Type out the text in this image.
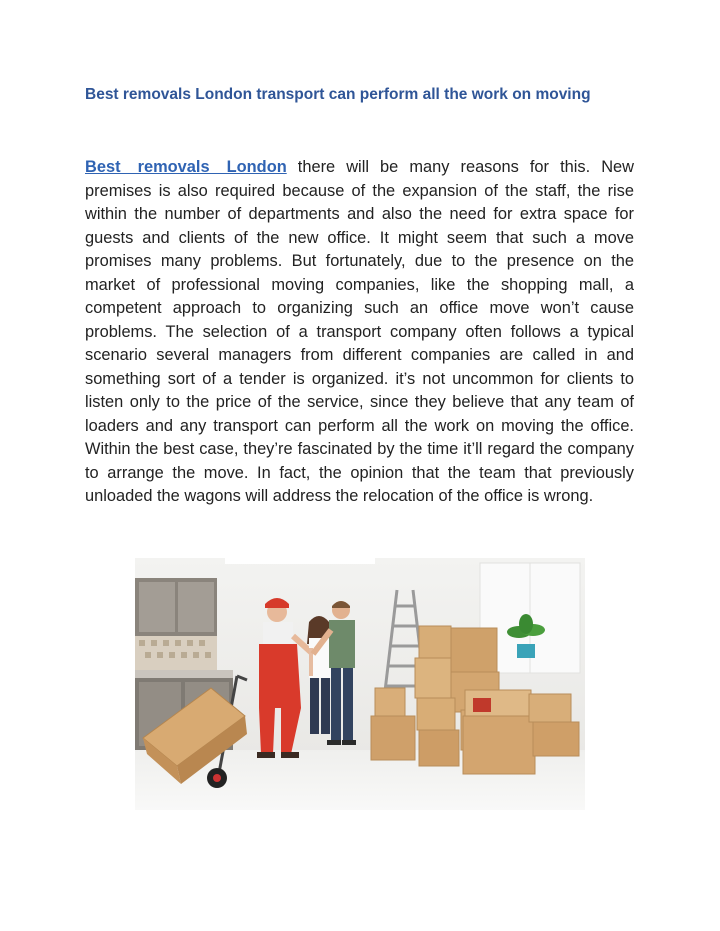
Best removals London transport can perform all the work on moving

Best removals London there will be many reasons for this. New premises is also required because of the expansion of the staff, the rise within the number of departments and also the need for extra space for guests and clients of the new office. It might seem that such a move promises many problems. But fortunately, due to the presence on the market of professional moving companies, like the shopping mall, a competent approach to organizing such an office move won’t cause problems. The selection of a transport company often follows a typical scenario several managers from different companies are called in and something sort of a tender is organized. it’s not uncommon for clients to listen only to the price of the service, since they believe that any team of loaders and any transport can perform all the work on moving the office. Within the best case, they’re fascinated by the time it’ll regard the company to arrange the move. In fact, the opinion that the team that previously unloaded the wagons will address the relocation of the office is wrong.
